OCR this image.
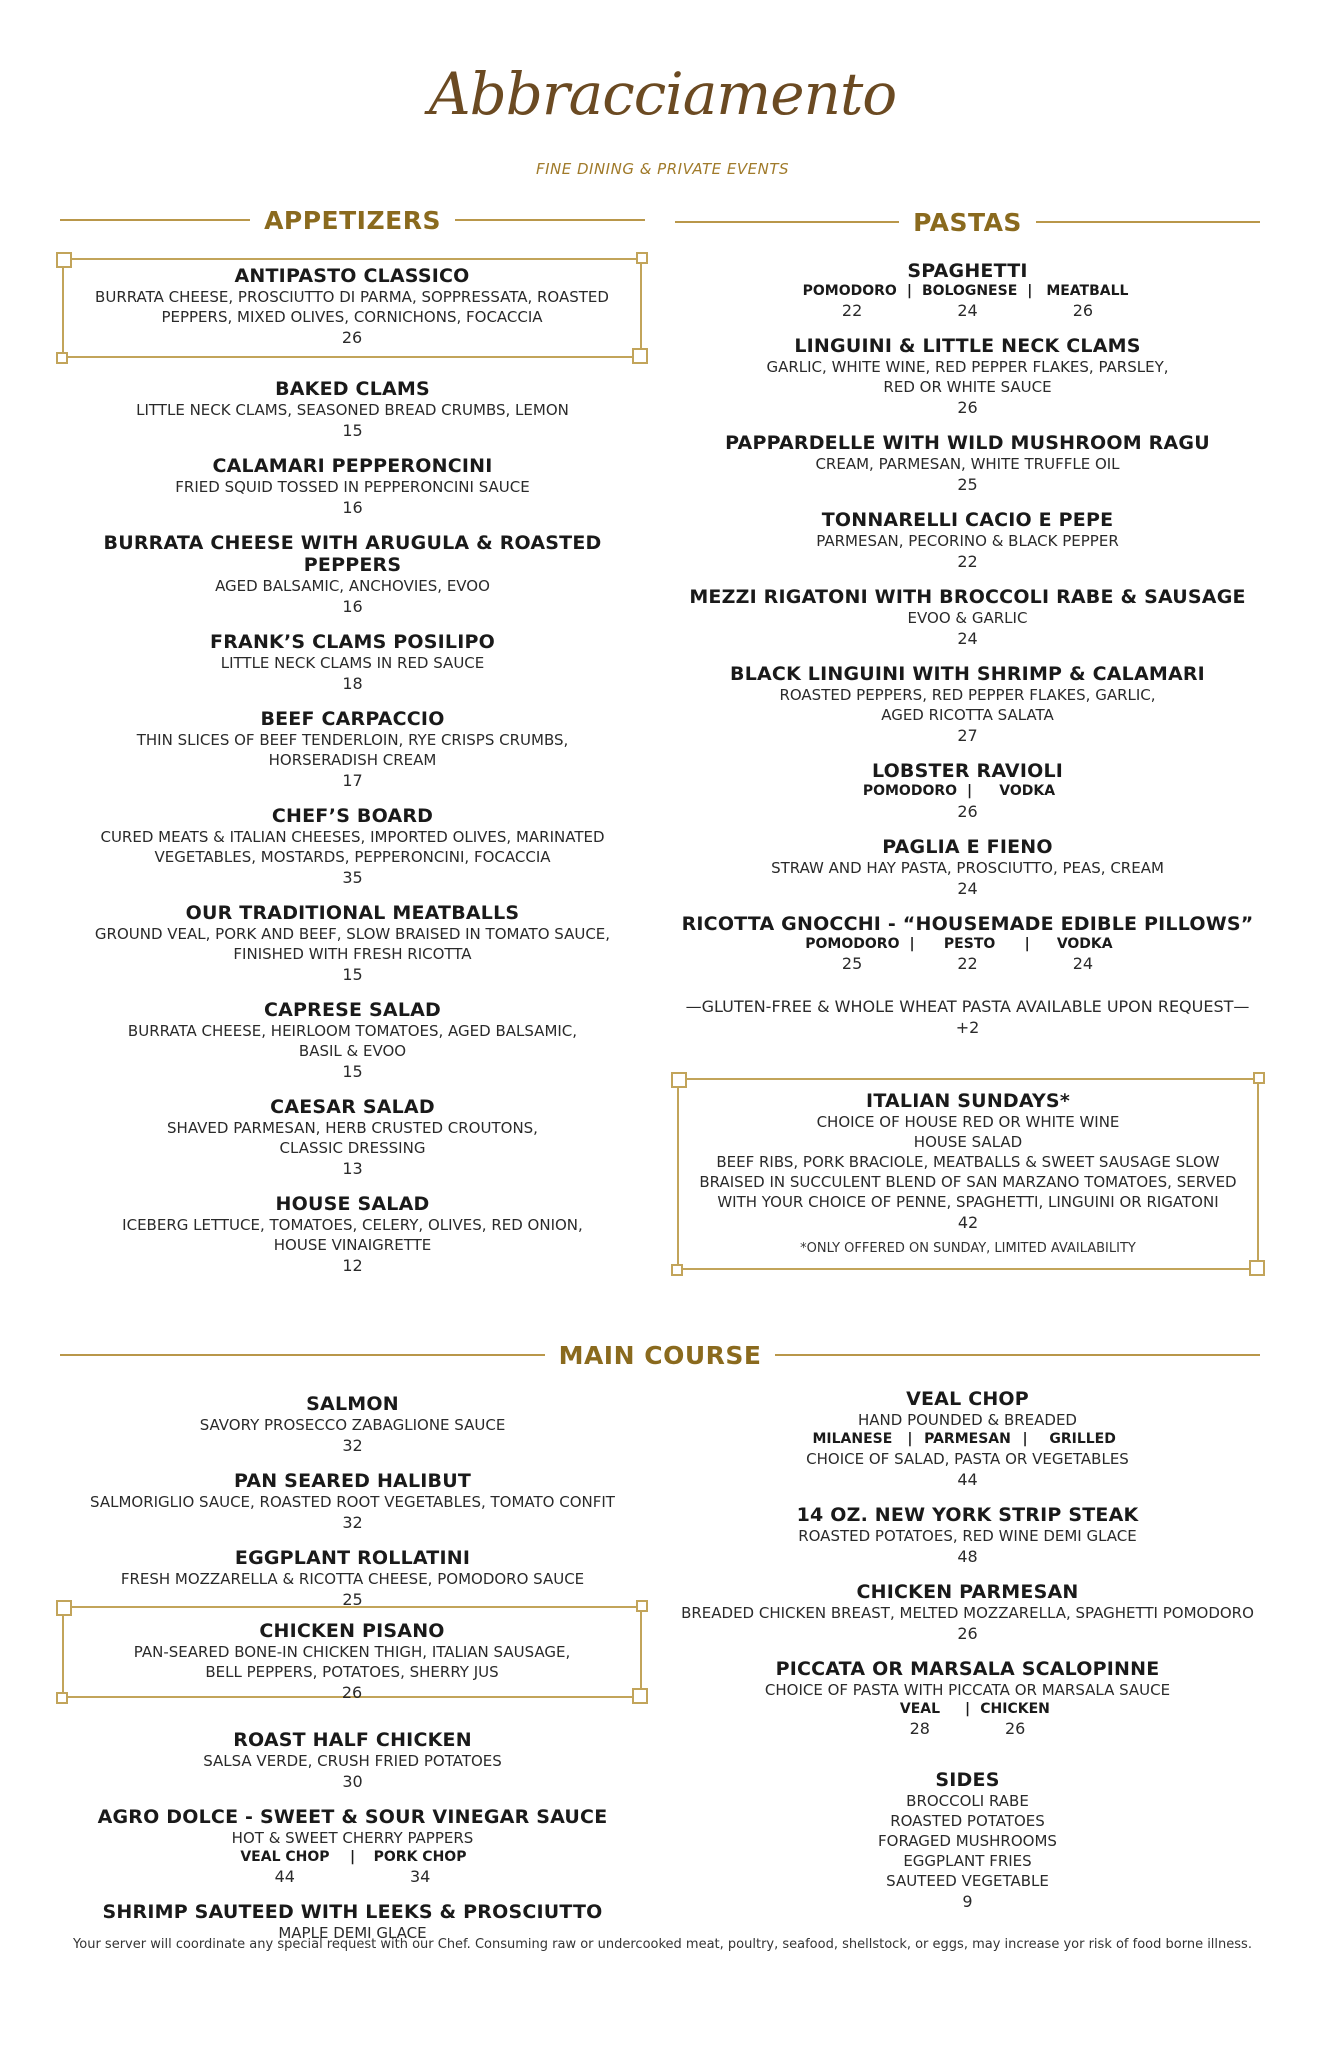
Abbracciamento
FINE DINING & PRIVATE EVENTS
APPETIZERS	PASTAS
MAIN COURSE
ANTIPASTO CLASSICO
BURRATA CHEESE, PROSCIUTTO DI PARMA, SOPPRESSATA, ROASTED
PEPPERS, MIXED OLIVES, CORNICHONS, FOCACCIA
26
BAKED CLAMS
LITTLE NECK CLAMS, SEASONED BREAD CRUMBS, LEMON
15
CALAMARI PEPPERONCINI
FRIED SQUID TOSSED IN PEPPERONCINI SAUCE
16
BURRATA CHEESE WITH ARUGULA & ROASTED PEPPERS
AGED BALSAMIC, ANCHOVIES, EVOO
16
FRANK’S CLAMS POSILIPO
LITTLE NECK CLAMS IN RED SAUCE
18
BEEF CARPACCIO
THIN SLICES OF BEEF TENDERLOIN, RYE CRISPS CRUMBS,
HORSERADISH CREAM
17
CHEF’S BOARD
CURED MEATS & ITALIAN CHEESES, IMPORTED OLIVES, MARINATED
VEGETABLES, MOSTARDS, PEPPERONCINI, FOCACCIA
35
OUR TRADITIONAL MEATBALLS
GROUND VEAL, PORK AND BEEF, SLOW BRAISED IN TOMATO SAUCE,
FINISHED WITH FRESH RICOTTA
15
CAPRESE SALAD
BURRATA CHEESE, HEIRLOOM TOMATOES, AGED BALSAMIC,
BASIL & EVOO
15
CAESAR SALAD
SHAVED PARMESAN, HERB CRUSTED CROUTONS,
CLASSIC DRESSING
13
HOUSE SALAD
ICEBERG LETTUCE, TOMATOES, CELERY, OLIVES, RED ONION,
HOUSE VINAIGRETTE
12
SPAGHETTI
POMODORO | BOLOGNESE | MEATBALL
22	24	26
LINGUINI & LITTLE NECK CLAMS
GARLIC, WHITE WINE, RED PEPPER FLAKES, PARSLEY,
RED OR WHITE SAUCE
26
PAPPARDELLE WITH WILD MUSHROOM RAGU
CREAM, PARMESAN, WHITE TRUFFLE OIL
25
TONNARELLI CACIO E PEPE
PARMESAN, PECORINO & BLACK PEPPER
22
MEZZI RIGATONI WITH BROCCOLI RABE & SAUSAGE
EVOO & GARLIC
24
BLACK LINGUINI WITH SHRIMP & CALAMARI
ROASTED PEPPERS, RED PEPPER FLAKES, GARLIC,
AGED RICOTTA SALATA
27
LOBSTER RAVIOLI
POMODORO |	VODKA
26
PAGLIA E FIENO
STRAW AND HAY PASTA, PROSCIUTTO, PEAS, CREAM
24
RICOTTA GNOCCHI - “HOUSEMADE EDIBLE PILLOWS”
POMODORO |	PESTO	|	VODKA
25	22	24
—GLUTEN-FREE & WHOLE WHEAT PASTA AVAILABLE UPON REQUEST—
+2
ITALIAN SUNDAYS*
CHOICE OF HOUSE RED OR WHITE WINE
HOUSE SALAD
BEEF RIBS, PORK BRACIOLE, MEATBALLS & SWEET SAUSAGE SLOW
BRAISED IN SUCCULENT BLEND OF SAN MARZANO TOMATOES, SERVED
WITH YOUR CHOICE OF PENNE, SPAGHETTI, LINGUINI OR RIGATONI
42
*ONLY OFFERED ON SUNDAY, LIMITED AVAILABILITY
SALMON
SAVORY PROSECCO ZABAGLIONE SAUCE
32
PAN SEARED HALIBUT
SALMORIGLIO SAUCE, ROASTED ROOT VEGETABLES, TOMATO CONFIT
32
EGGPLANT ROLLATINI
FRESH MOZZARELLA & RICOTTA CHEESE, POMODORO SAUCE
25
CHICKEN PISANO
PAN-SEARED BONE-IN CHICKEN THIGH, ITALIAN SAUSAGE,
BELL PEPPERS, POTATOES, SHERRY JUS
26
ROAST HALF CHICKEN
SALSA VERDE, CRUSH FRIED POTATOES
30
AGRO DOLCE - SWEET & SOUR VINEGAR SAUCE
HOT & SWEET CHERRY PAPPERS
VEAL CHOP	|	PORK CHOP
44	34
SHRIMP SAUTEED WITH LEEKS & PROSCIUTTO
MAPLE DEMI GLACE
VEAL CHOP
HAND POUNDED & BREADED
MILANESE	| PARMESAN |	GRILLED
CHOICE OF SALAD, PASTA OR VEGETABLES
44
14 OZ. NEW YORK STRIP STEAK
ROASTED POTATOES, RED WINE DEMI GLACE
48
CHICKEN PARMESAN
BREADED CHICKEN BREAST, MELTED MOZZARELLA, SPAGHETTI POMODORO
26
PICCATA OR MARSALA SCALOPINNE
CHOICE OF PASTA WITH PICCATA OR MARSALA SAUCE
VEAL	| CHICKEN
28	26
SIDES
BROCCOLI RABE
ROASTED POTATOES
FORAGED MUSHROOMS
EGGPLANT FRIES
SAUTEED VEGETABLE
9
Your server will coordinate any special request with our Chef. Consuming raw or undercooked meat, poultry, seafood, shellstock, or eggs, may increase yor risk of food borne illness.
